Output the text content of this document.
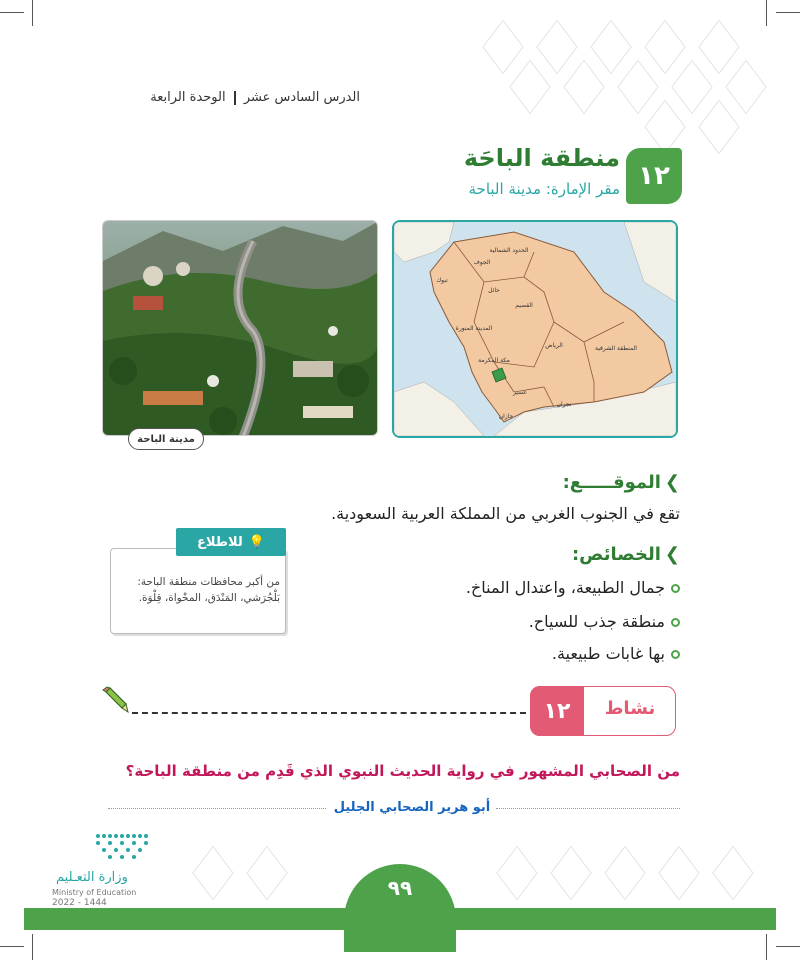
الدرس السادس عشر  الوحدة الرابعة
١٢
منطقة الباحَة
مقر الإمارة: مدينة الباحة
مدينة الباحة
الحدود الشمالية
الجوف
تبوك
حائل
القصيم
المدينة المنورة
الرياض	المنطقة الشرقية
مكة المكرمة
عسير
نجران
جازان
❯الموقـــــع:
تقع في الجنوب الغربي من المملكة العربية السعودية.
للاطلاع 💡
من أكبر محافظات منطقة الباحة:
بَلْجُرَشي، المَنْدَق، المخْواة، قِلْوَة.
❯الخصائص:
جمال الطبيعة، واعتدال المناخ.
منطقة جذب للسياح.
بها غابات طبيعية.
١٢	نشاط
من الصحابي المشهور في رواية الحديث النبوي الذي قَدِم من منطقة الباحة؟
أبو هرير الصحابي الجليل
وزارة التعـليم
Ministry of Education
2022 - 1444
٩٩
